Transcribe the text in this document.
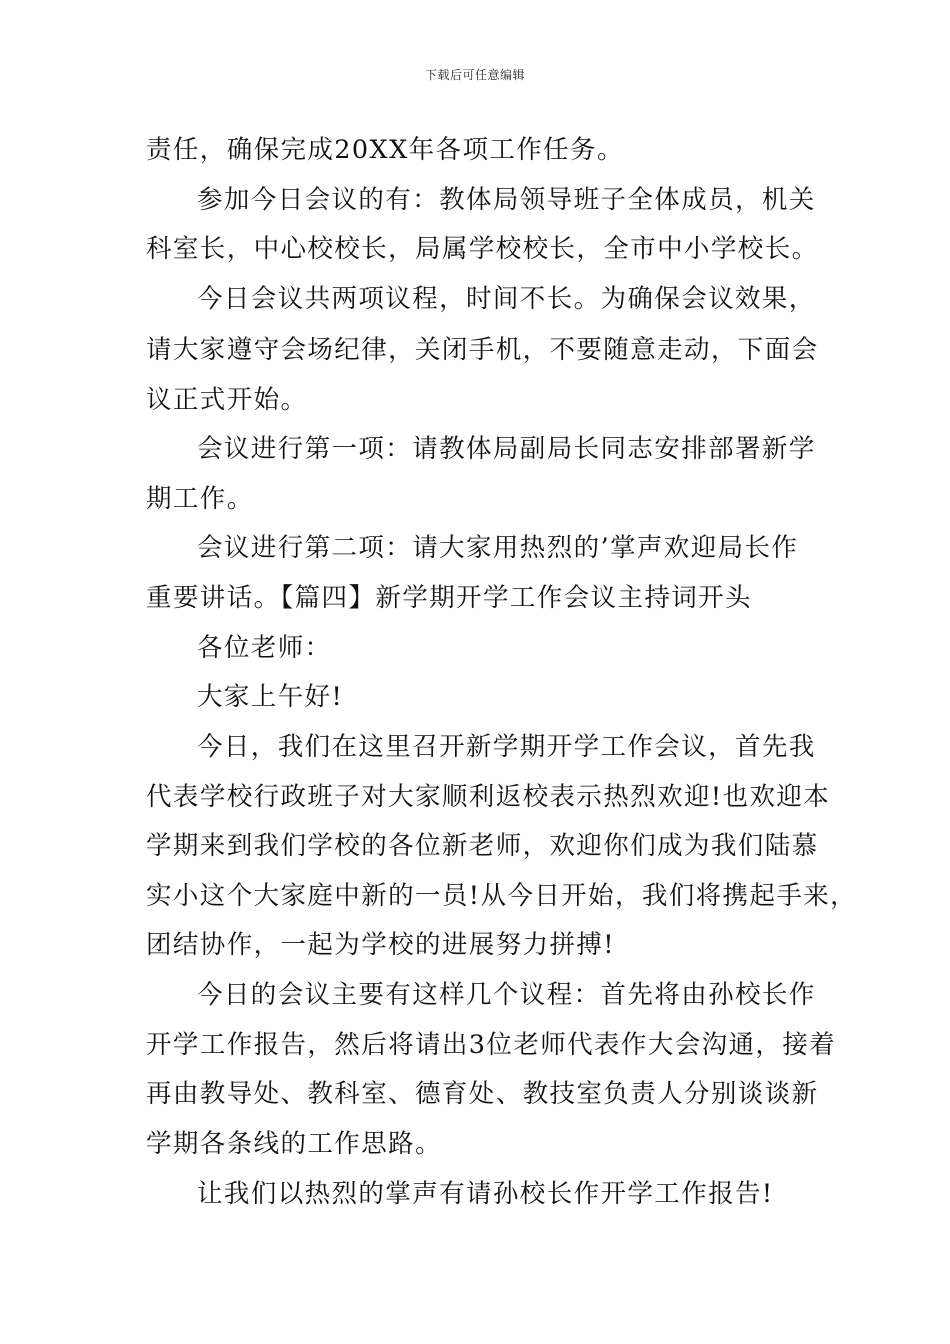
下载后可任意编辑
责任，确保完成20XX年各项工作任务。
参加今日会议的有：教体局领导班子全体成员，机关
科室长，中心校校长，局属学校校长，全市中小学校长。
今日会议共两项议程，时间不长。为确保会议效果，
请大家遵守会场纪律，关闭手机，不要随意走动，下面会
议正式开始。
会议进行第一项：请教体局副局长同志安排部署新学
期工作。
会议进行第二项：请大家用热烈的’掌声欢迎局长作
重要讲话。【篇四】新学期开学工作会议主持词开头
各位老师：
大家上午好!
今日，我们在这里召开新学期开学工作会议，首先我
代表学校行政班子对大家顺利返校表示热烈欢迎!也欢迎本
学期来到我们学校的各位新老师，欢迎你们成为我们陆慕
实小这个大家庭中新的一员!从今日开始，我们将携起手来，
团结协作，一起为学校的进展努力拼搏!
今日的会议主要有这样几个议程：首先将由孙校长作
开学工作报告，然后将请出3位老师代表作大会沟通，接着
再由教导处、教科室、德育处、教技室负责人分别谈谈新
学期各条线的工作思路。
让我们以热烈的掌声有请孙校长作开学工作报告!
